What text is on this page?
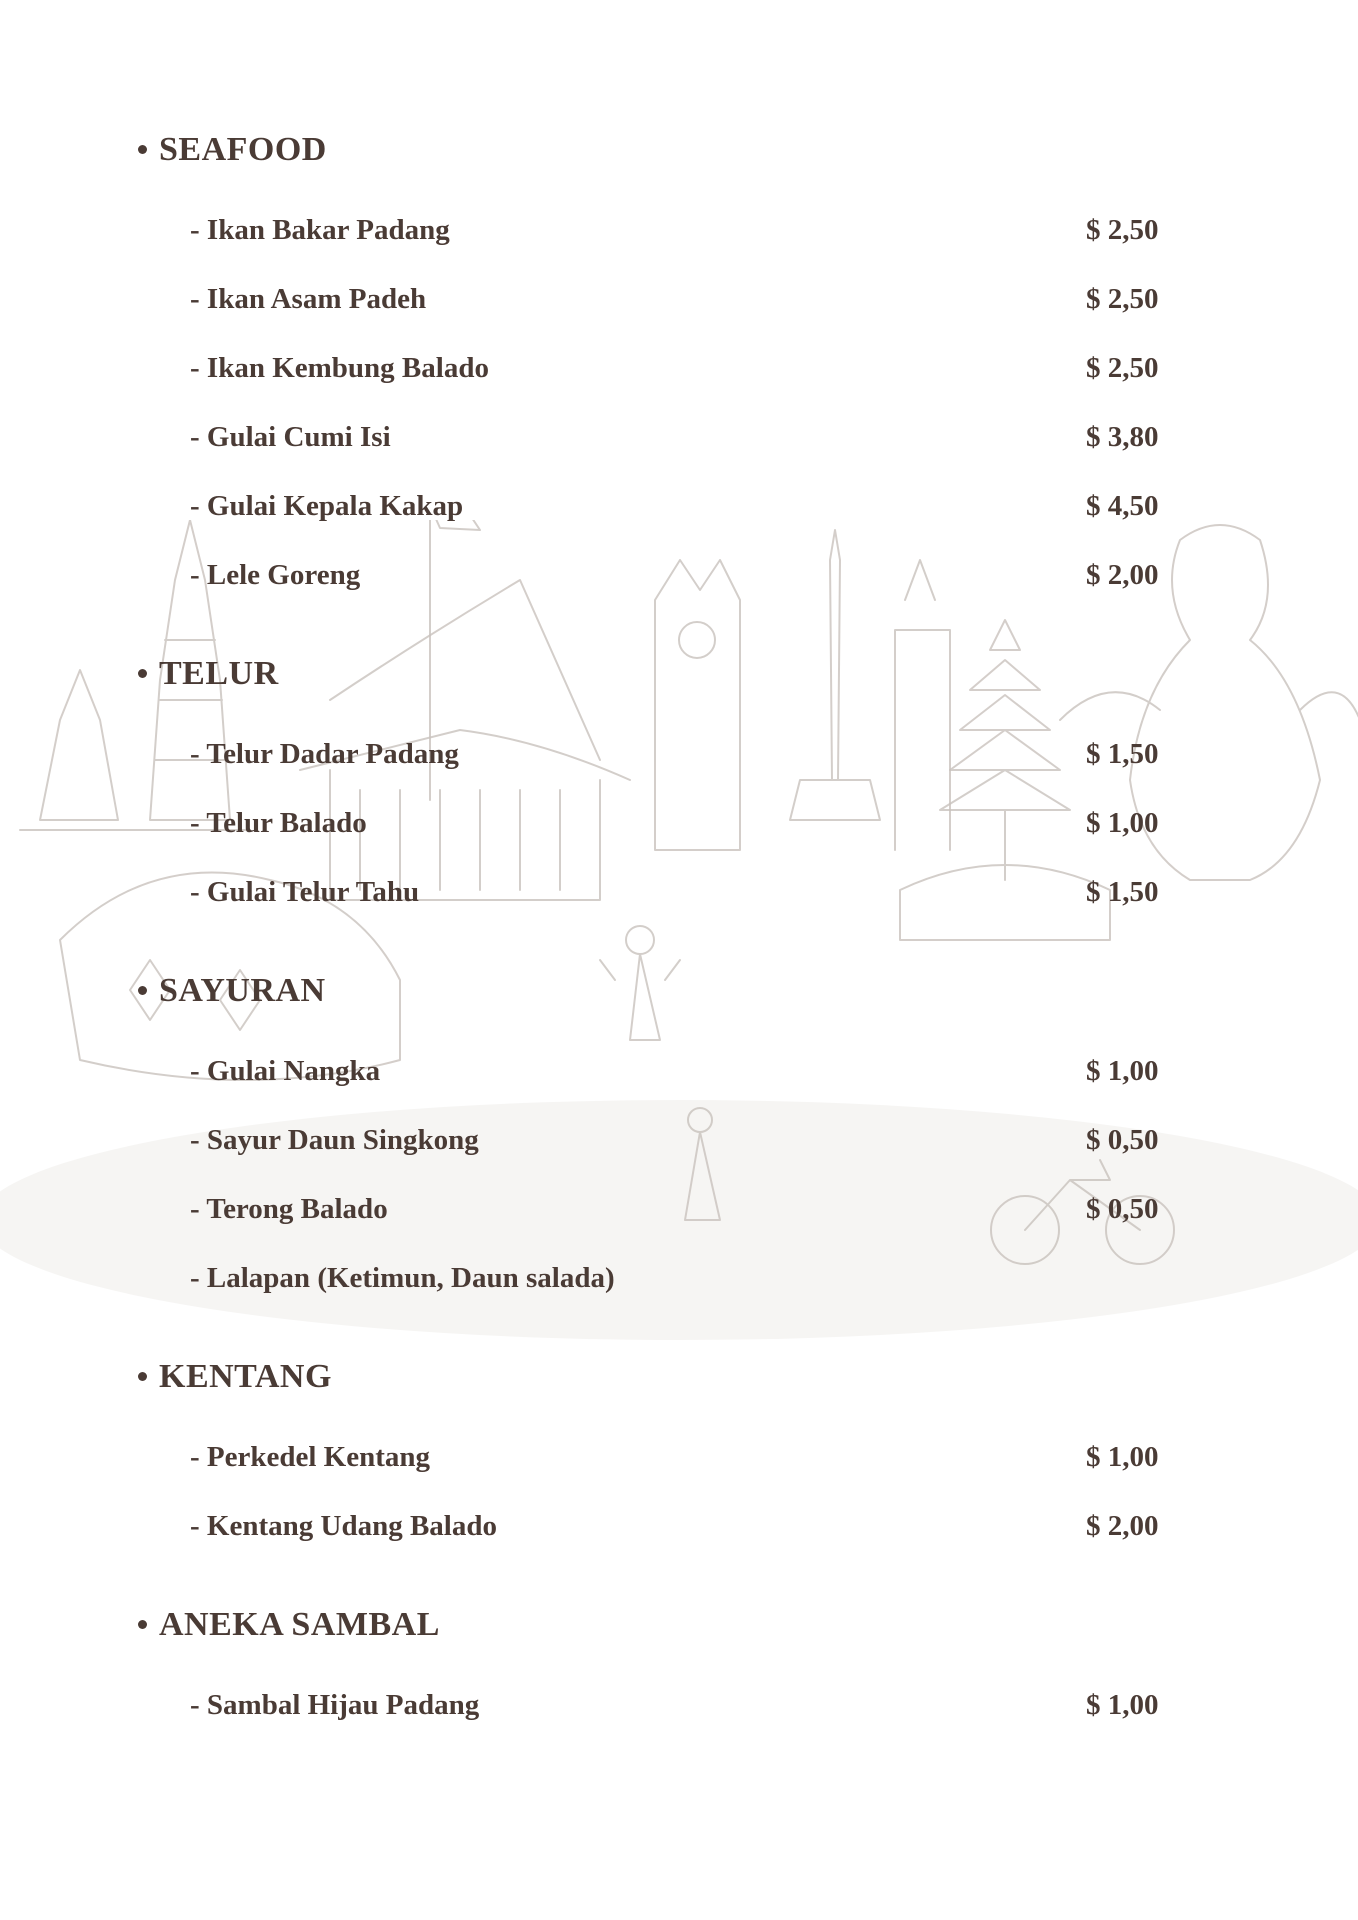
SEAFOOD
- Ikan Bakar Padang	$ 2,50
- Ikan Asam Padeh	$ 2,50
- Ikan Kembung Balado	$ 2,50
- Gulai Cumi Isi	$ 3,80
- Gulai Kepala Kakap	$ 4,50
- Lele Goreng	$ 2,00
TELUR
- Telur Dadar Padang	$ 1,50
- Telur Balado	$ 1,00
- Gulai Telur Tahu	$ 1,50
SAYURAN
- Gulai Nangka	$ 1,00
- Sayur Daun Singkong	$ 0,50
- Terong Balado	$ 0,50
- Lalapan (Ketimun, Daun salada)
KENTANG
- Perkedel Kentang	$ 1,00
- Kentang Udang Balado	$ 2,00
ANEKA SAMBAL
- Sambal Hijau Padang	$ 1,00
